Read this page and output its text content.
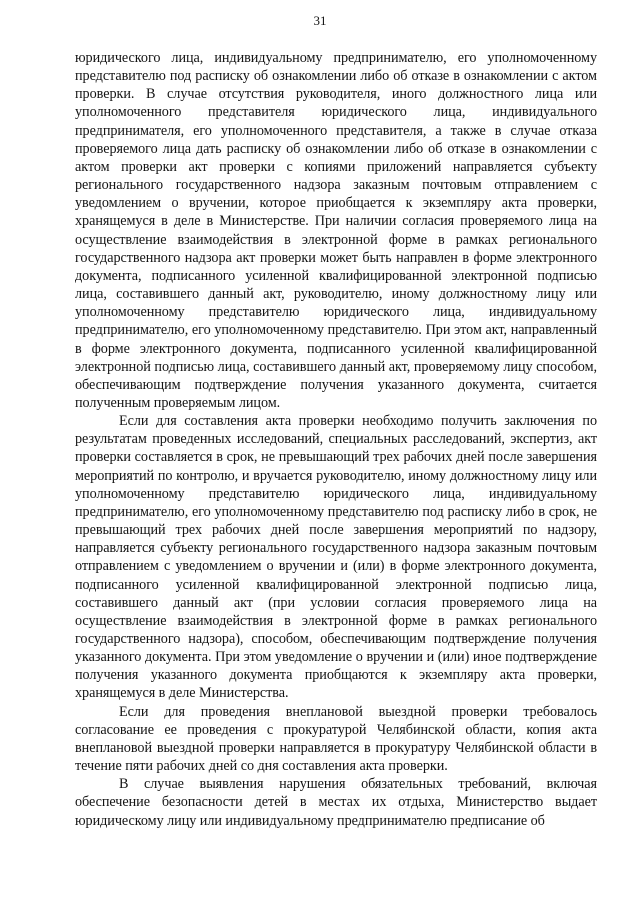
31

юридического лица, индивидуальному предпринимателю, его уполномоченному представителю под расписку об ознакомлении либо об отказе в ознакомлении с актом проверки. В случае отсутствия руководителя, иного должностного лица или уполномоченного представителя юридического лица, индивидуального предпринимателя, его уполномоченного представителя, а также в случае отказа проверяемого лица дать расписку об ознакомлении либо об отказе в ознакомлении с актом проверки акт проверки с копиями приложений направляется субъекту регионального государственного надзора заказным почтовым отправлением с уведомлением о вручении, которое приобщается к экземпляру акта проверки, хранящемуся в деле в Министерстве. При наличии согласия проверяемого лица на осуществление взаимодействия в электронной форме в рамках регионального государственного надзора акт проверки может быть направлен в форме электронного документа, подписанного усиленной квалифицированной электронной подписью лица, составившего данный акт, руководителю, иному должностному лицу или уполномоченному представителю юридического лица, индивидуальному предпринимателю, его уполномоченному представителю. При этом акт, направленный в форме электронного документа, подписанного усиленной квалифицированной электронной подписью лица, составившего данный акт, проверяемому лицу способом, обеспечивающим подтверждение получения указанного документа, считается полученным проверяемым лицом.

Если для составления акта проверки необходимо получить заключения по результатам проведенных исследований, специальных расследований, экспертиз, акт проверки составляется в срок, не превышающий трех рабочих дней после завершения мероприятий по контролю, и вручается руководителю, иному должностному лицу или уполномоченному представителю юридического лица, индивидуальному предпринимателю, его уполномоченному представителю под расписку либо в срок, не превышающий трех рабочих дней после завершения мероприятий по надзору, направляется субъекту регионального государственного надзора заказным почтовым отправлением с уведомлением о вручении и (или) в форме электронного документа, подписанного усиленной квалифицированной электронной подписью лица, составившего данный акт (при условии согласия проверяемого лица на осуществление взаимодействия в электронной форме в рамках регионального государственного надзора), способом, обеспечивающим подтверждение получения указанного документа. При этом уведомление о вручении и (или) иное подтверждение получения указанного документа приобщаются к экземпляру акта проверки, хранящемуся в деле Министерства.

Если для проведения внеплановой выездной проверки требовалось согласование ее проведения с прокуратурой Челябинской области, копия акта внеплановой выездной проверки направляется в прокуратуру Челябинской области в течение пяти рабочих дней со дня составления акта проверки.

В случае выявления нарушения обязательных требований, включая обеспечение безопасности детей в местах их отдыха, Министерство выдает юридическому лицу или индивидуальному предпринимателю предписание об
